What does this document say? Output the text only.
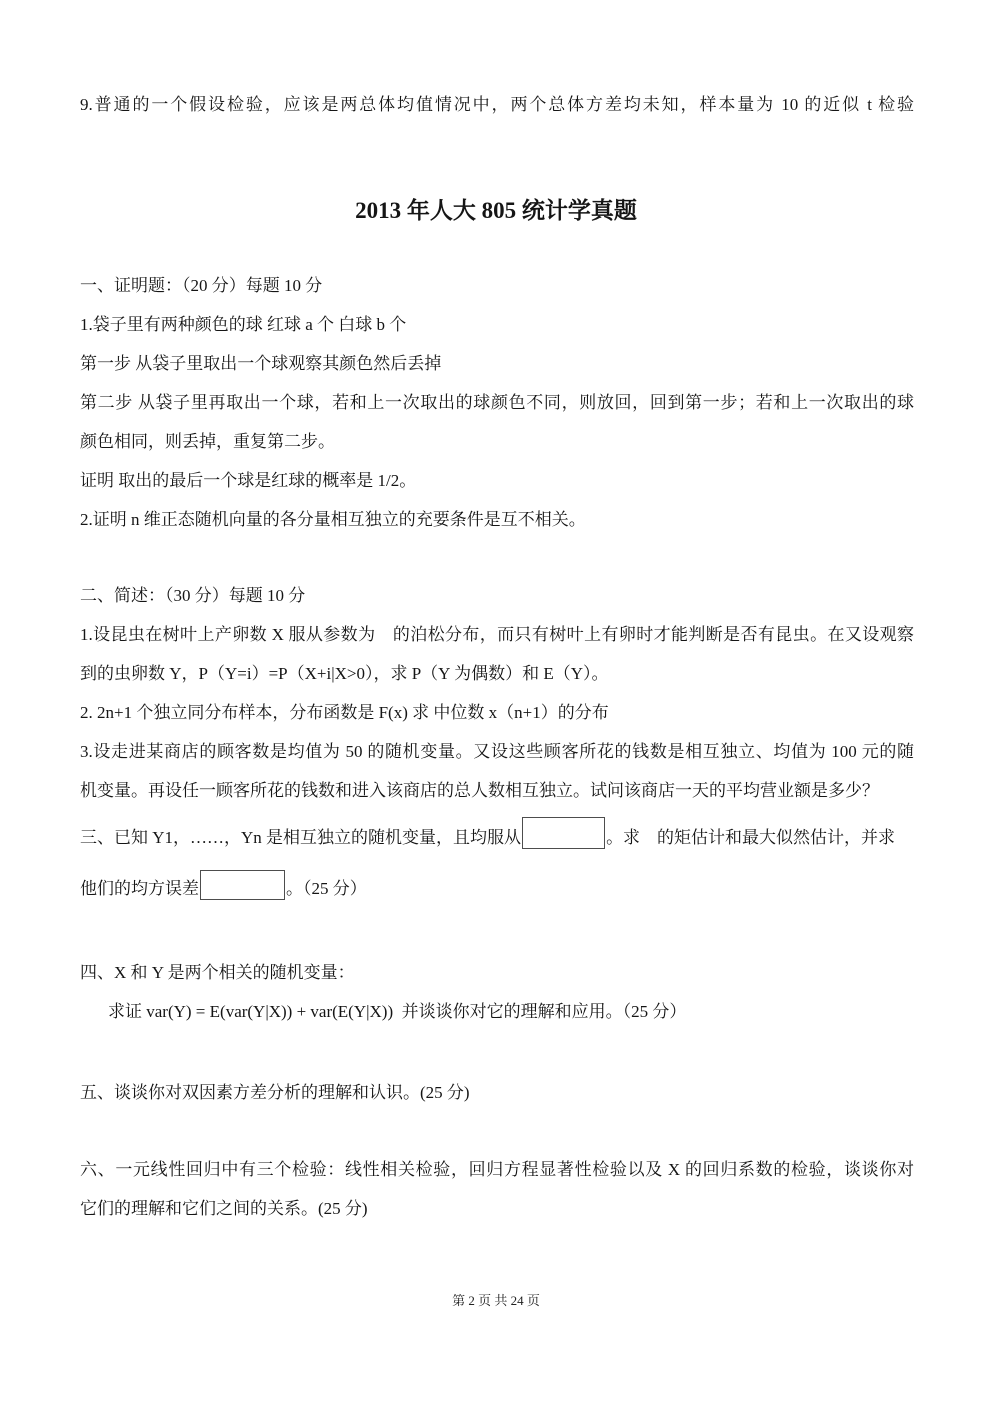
9.普通的一个假设检验，应该是两总体均值情况中，两个总体方差均未知，样本量为 10 的近似 t 检验

2013 年人大 805 统计学真题

一、证明题：（20 分）每题 10 分

1.袋子里有两种颜色的球 红球 a 个 白球 b 个

第一步 从袋子里取出一个球观察其颜色然后丢掉

第二步 从袋子里再取出一个球，若和上一次取出的球颜色不同，则放回，回到第一步；若和上一次取出的球

颜色相同，则丢掉，重复第二步。

证明 取出的最后一个球是红球的概率是 1/2。

2.证明 n 维正态随机向量的各分量相互独立的充要条件是互不相关。

二、简述：（30 分）每题 10 分

1.设昆虫在树叶上产卵数 X 服从参数为　的泊松分布，而只有树叶上有卵时才能判断是否有昆虫。在又设观察

到的虫卵数 Y，P（Y=i）=P（X+i|X>0），求 P（Y 为偶数）和 E（Y）。

2. 2n+1 个独立同分布样本，分布函数是 F(x) 求 中位数 x（n+1）的分布

3.设走进某商店的顾客数是均值为 50 的随机变量。又设这些顾客所花的钱数是相互独立、均值为 100 元的随

机变量。再设任一顾客所花的钱数和进入该商店的总人数相互独立。试问该商店一天的平均营业额是多少？

三、已知 Y1，……，Yn 是相互独立的随机变量，且均服从	。求　的矩估计和最大似然估计，并求
他们的均方误差	。（25 分）

四、X 和 Y 是两个相关的随机变量：

求证 var(Y) = E(var(Y|X)) + var(E(Y|X))  并谈谈你对它的理解和应用。（25 分）

五、谈谈你对双因素方差分析的理解和认识。(25 分)

六、一元线性回归中有三个检验：线性相关检验，回归方程显著性检验以及 X 的回归系数的检验，谈谈你对

它们的理解和它们之间的关系。(25 分)

第 2 页 共 24 页
